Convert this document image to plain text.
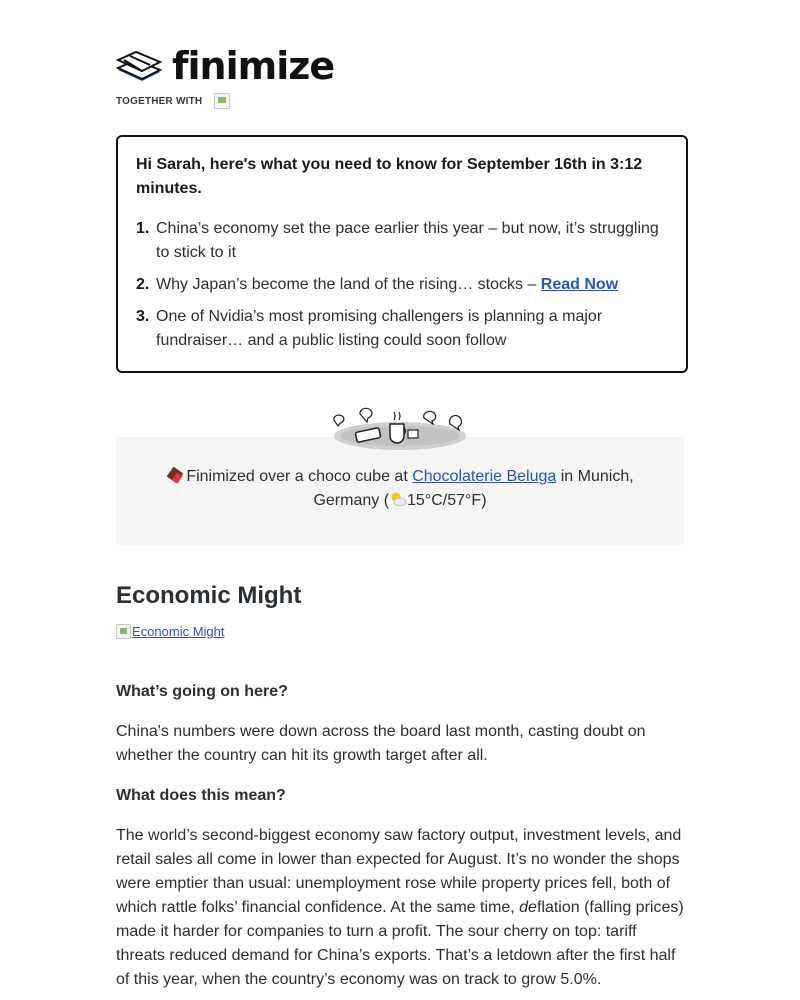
finimize
TOGETHER WITH
Hi Sarah, here's what you need to know for September 16th in 3:12 minutes.
1. China’s economy set the pace earlier this year – but now, it’s struggling to stick to it
2. Why Japan’s become the land of the rising… stocks – Read Now
3. One of Nvidia’s most promising challengers is planning a major fundraiser… and a public listing could soon follow
Finimized over a choco cube at Chocolaterie Beluga in Munich, Germany ( 15°C/57°F)
Economic Might
Economic Might
What’s going on here?

China's numbers were down across the board last month, casting doubt on whether the country can hit its growth target after all.

What does this mean?

The world’s second-biggest economy saw factory output, investment levels, and retail sales all come in lower than expected for August. It’s no wonder the shops were emptier than usual: unemployment rose while property prices fell, both of which rattle folks’ financial confidence. At the same time, deflation (falling prices) made it harder for companies to turn a profit. The sour cherry on top: tariff threats reduced demand for China’s exports. That’s a letdown after the first half of this year, when the country’s economy was on track to grow 5.0%.
